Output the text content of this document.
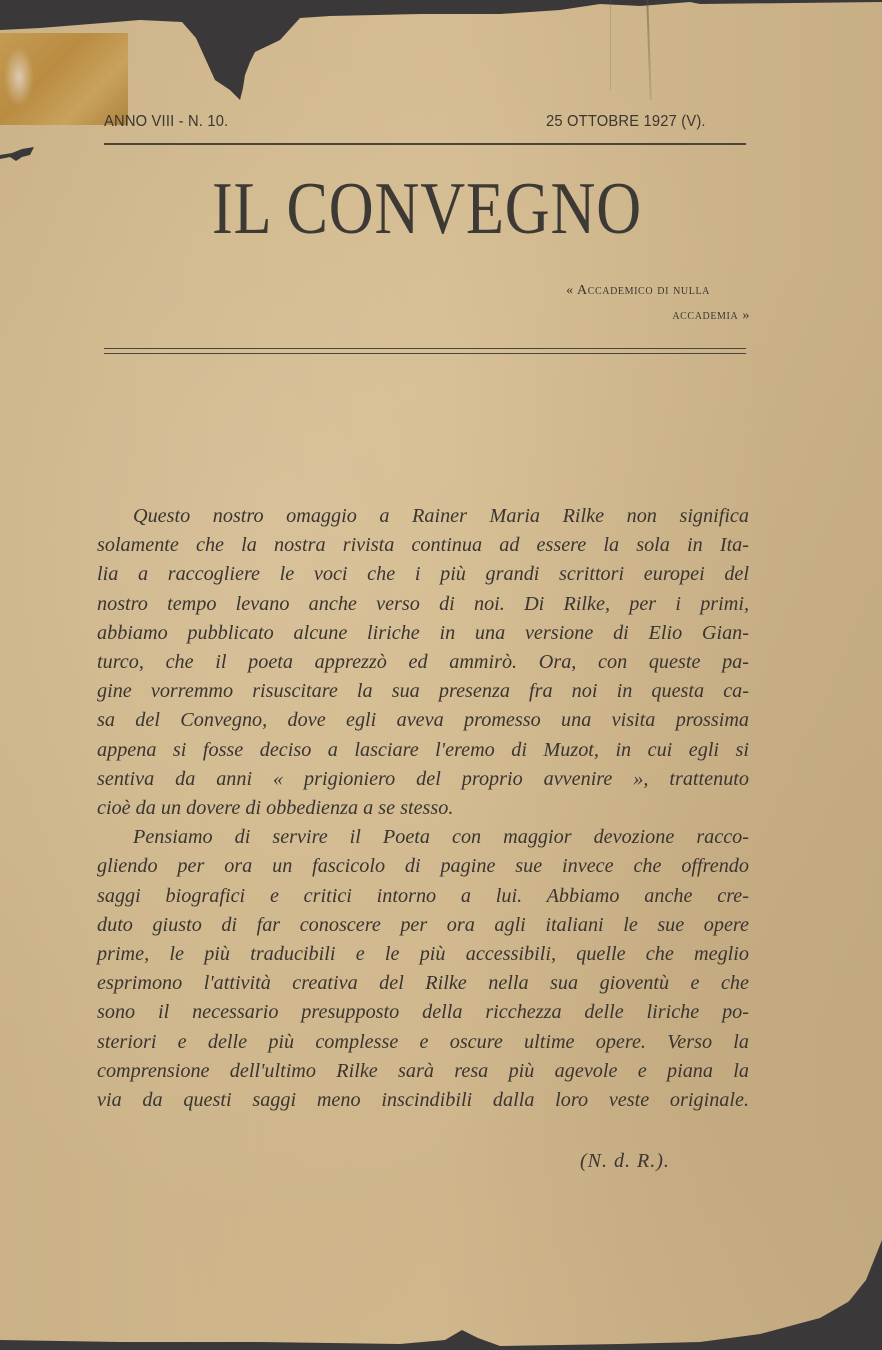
ANNO VIII - N. 10.	25 OTTOBRE 1927 (V).
IL CONVEGNO
« Accademico di nulla
accademia »
Questo nostro omaggio a Rainer Maria Rilke non significa
solamente che la nostra rivista continua ad essere la sola in Ita-
lia a raccogliere le voci che i più grandi scrittori europei del
nostro tempo levano anche verso di noi. Di Rilke, per i primi,
abbiamo pubblicato alcune liriche in una versione di Elio Gian-
turco, che il poeta apprezzò ed ammirò. Ora, con queste pa-
gine vorremmo risuscitare la sua presenza fra noi in questa ca-
sa del Convegno, dove egli aveva promesso una visita prossima
appena si fosse deciso a lasciare l'eremo di Muzot, in cui egli si
sentiva da anni « prigioniero del proprio avvenire », trattenuto
cioè da un dovere di obbedienza a se stesso.
Pensiamo di servire il Poeta con maggior devozione racco-
gliendo per ora un fascicolo di pagine sue invece che offrendo
saggi biografici e critici intorno a lui. Abbiamo anche cre-
duto giusto di far conoscere per ora agli italiani le sue opere
prime, le più traducibili e le più accessibili, quelle che meglio
esprimono l'attività creativa del Rilke nella sua gioventù e che
sono il necessario presupposto della ricchezza delle liriche po-
steriori e delle più complesse e oscure ultime opere. Verso la
comprensione dell'ultimo Rilke sarà resa più agevole e piana la
via da questi saggi meno inscindibili dalla loro veste originale.
(N. d. R.).
